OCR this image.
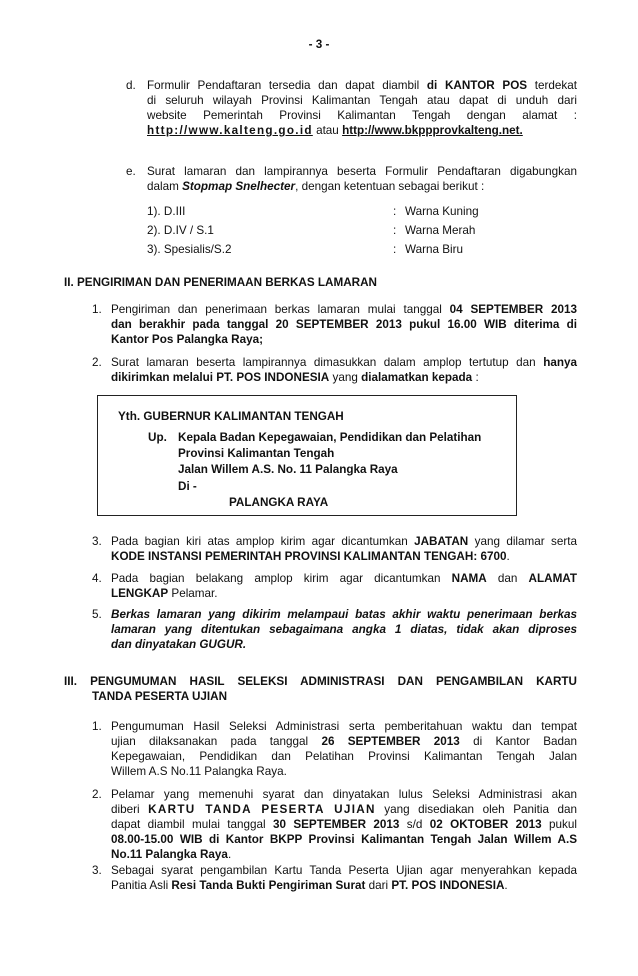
- 3 -
d. Formulir Pendaftaran tersedia dan dapat diambil di KANTOR POS terdekat
di seluruh wilayah Provinsi Kalimantan Tengah atau dapat di unduh dari
website Pemerintah Provinsi Kalimantan Tengah dengan alamat :
http://www.kalteng.go.id atau http://www.bkppprovkalteng.net.
e. Surat lamaran dan lampirannya beserta Formulir Pendaftaran digabungkan
dalam Stopmap Snelhecter, dengan ketentuan sebagai berikut :
1). D.III	: Warna Kuning
2). D.IV / S.1	: Warna Merah
3). Spesialis/S.2	: Warna Biru
II. PENGIRIMAN DAN PENERIMAAN BERKAS LAMARAN
1. Pengiriman dan penerimaan berkas lamaran mulai tanggal 04 SEPTEMBER 2013
dan berakhir pada tanggal 20 SEPTEMBER 2013 pukul 16.00 WIB diterima di
Kantor Pos Palangka Raya;
2. Surat lamaran beserta lampirannya dimasukkan dalam amplop tertutup dan hanya
dikirimkan melalui PT. POS INDONESIA yang dialamatkan kepada :
Yth. GUBERNUR KALIMANTAN TENGAH
Up. Kepala Badan Kepegawaian, Pendidikan dan Pelatihan
Provinsi Kalimantan Tengah
Jalan Willem A.S. No. 11 Palangka Raya
Di -
PALANGKA RAYA
3. Pada bagian kiri atas amplop kirim agar dicantumkan JABATAN yang dilamar serta
KODE INSTANSI PEMERINTAH PROVINSI KALIMANTAN TENGAH: 6700.
4. Pada bagian belakang amplop kirim agar dicantumkan NAMA dan ALAMAT
LENGKAP Pelamar.
5. Berkas lamaran yang dikirim melampaui batas akhir waktu penerimaan berkas
lamaran yang ditentukan sebagaimana angka 1 diatas, tidak akan diproses
dan dinyatakan GUGUR.
III. PENGUMUMAN HASIL SELEKSI ADMINISTRASI DAN PENGAMBILAN KARTU
TANDA PESERTA UJIAN
1. Pengumuman Hasil Seleksi Administrasi serta pemberitahuan waktu dan tempat
ujian dilaksanakan pada tanggal 26 SEPTEMBER 2013 di Kantor Badan
Kepegawaian, Pendidikan dan Pelatihan Provinsi Kalimantan Tengah Jalan
Willem A.S No.11 Palangka Raya.
2. Pelamar yang memenuhi syarat dan dinyatakan lulus Seleksi Administrasi akan
diberi KARTU TANDA PESERTA UJIAN yang disediakan oleh Panitia dan
dapat diambil mulai tanggal 30 SEPTEMBER 2013 s/d 02 OKTOBER 2013 pukul
08.00-15.00 WIB di Kantor BKPP Provinsi Kalimantan Tengah Jalan Willem A.S
No.11 Palangka Raya.
3. Sebagai syarat pengambilan Kartu Tanda Peserta Ujian agar menyerahkan kepada
Panitia Asli Resi Tanda Bukti Pengiriman Surat dari PT. POS INDONESIA.
